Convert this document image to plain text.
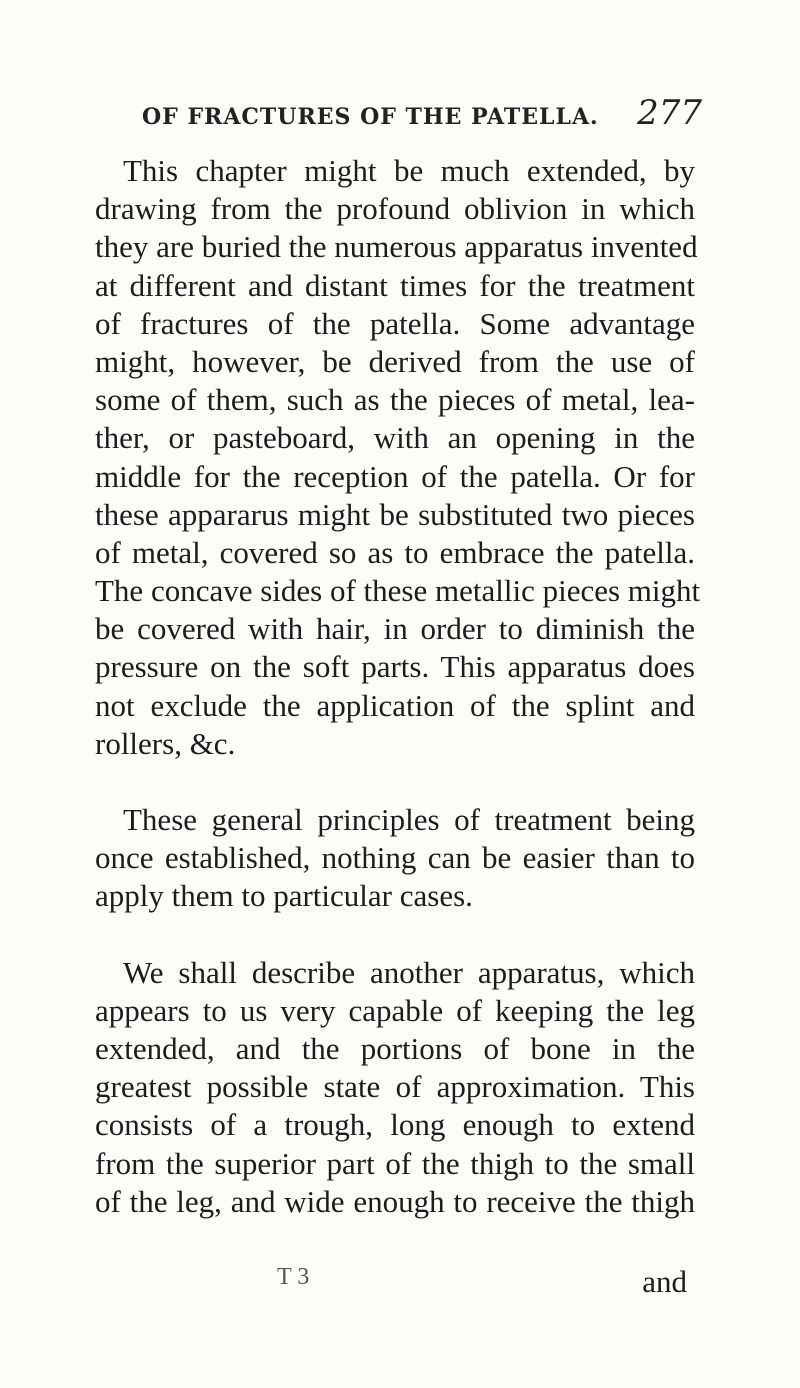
OF FRACTURES OF THE PATELLA. 277
This chapter might be much extended, by
drawing from the profound oblivion in which
they are buried the numerous apparatus invented
at different and distant times for the treatment
of fractures of the patella. Some advantage
might, however, be derived from the use of
some of them, such as the pieces of metal, lea-
ther, or pasteboard, with an opening in the
middle for the reception of the patella. Or for
these appararus might be substituted two pieces
of metal, covered so as to embrace the patella.
The concave sides of these metallic pieces might
be covered with hair, in order to diminish the
pressure on the soft parts. This apparatus does
not exclude the application of the splint and
rollers, &c.
These general principles of treatment being
once established, nothing can be easier than to
apply them to particular cases.
We shall describe another apparatus, which
appears to us very capable of keeping the leg
extended, and the portions of bone in the
greatest possible state of approximation. This
consists of a trough, long enough to extend
from the superior part of the thigh to the small
of the leg, and wide enough to receive the thigh
T 3	and
